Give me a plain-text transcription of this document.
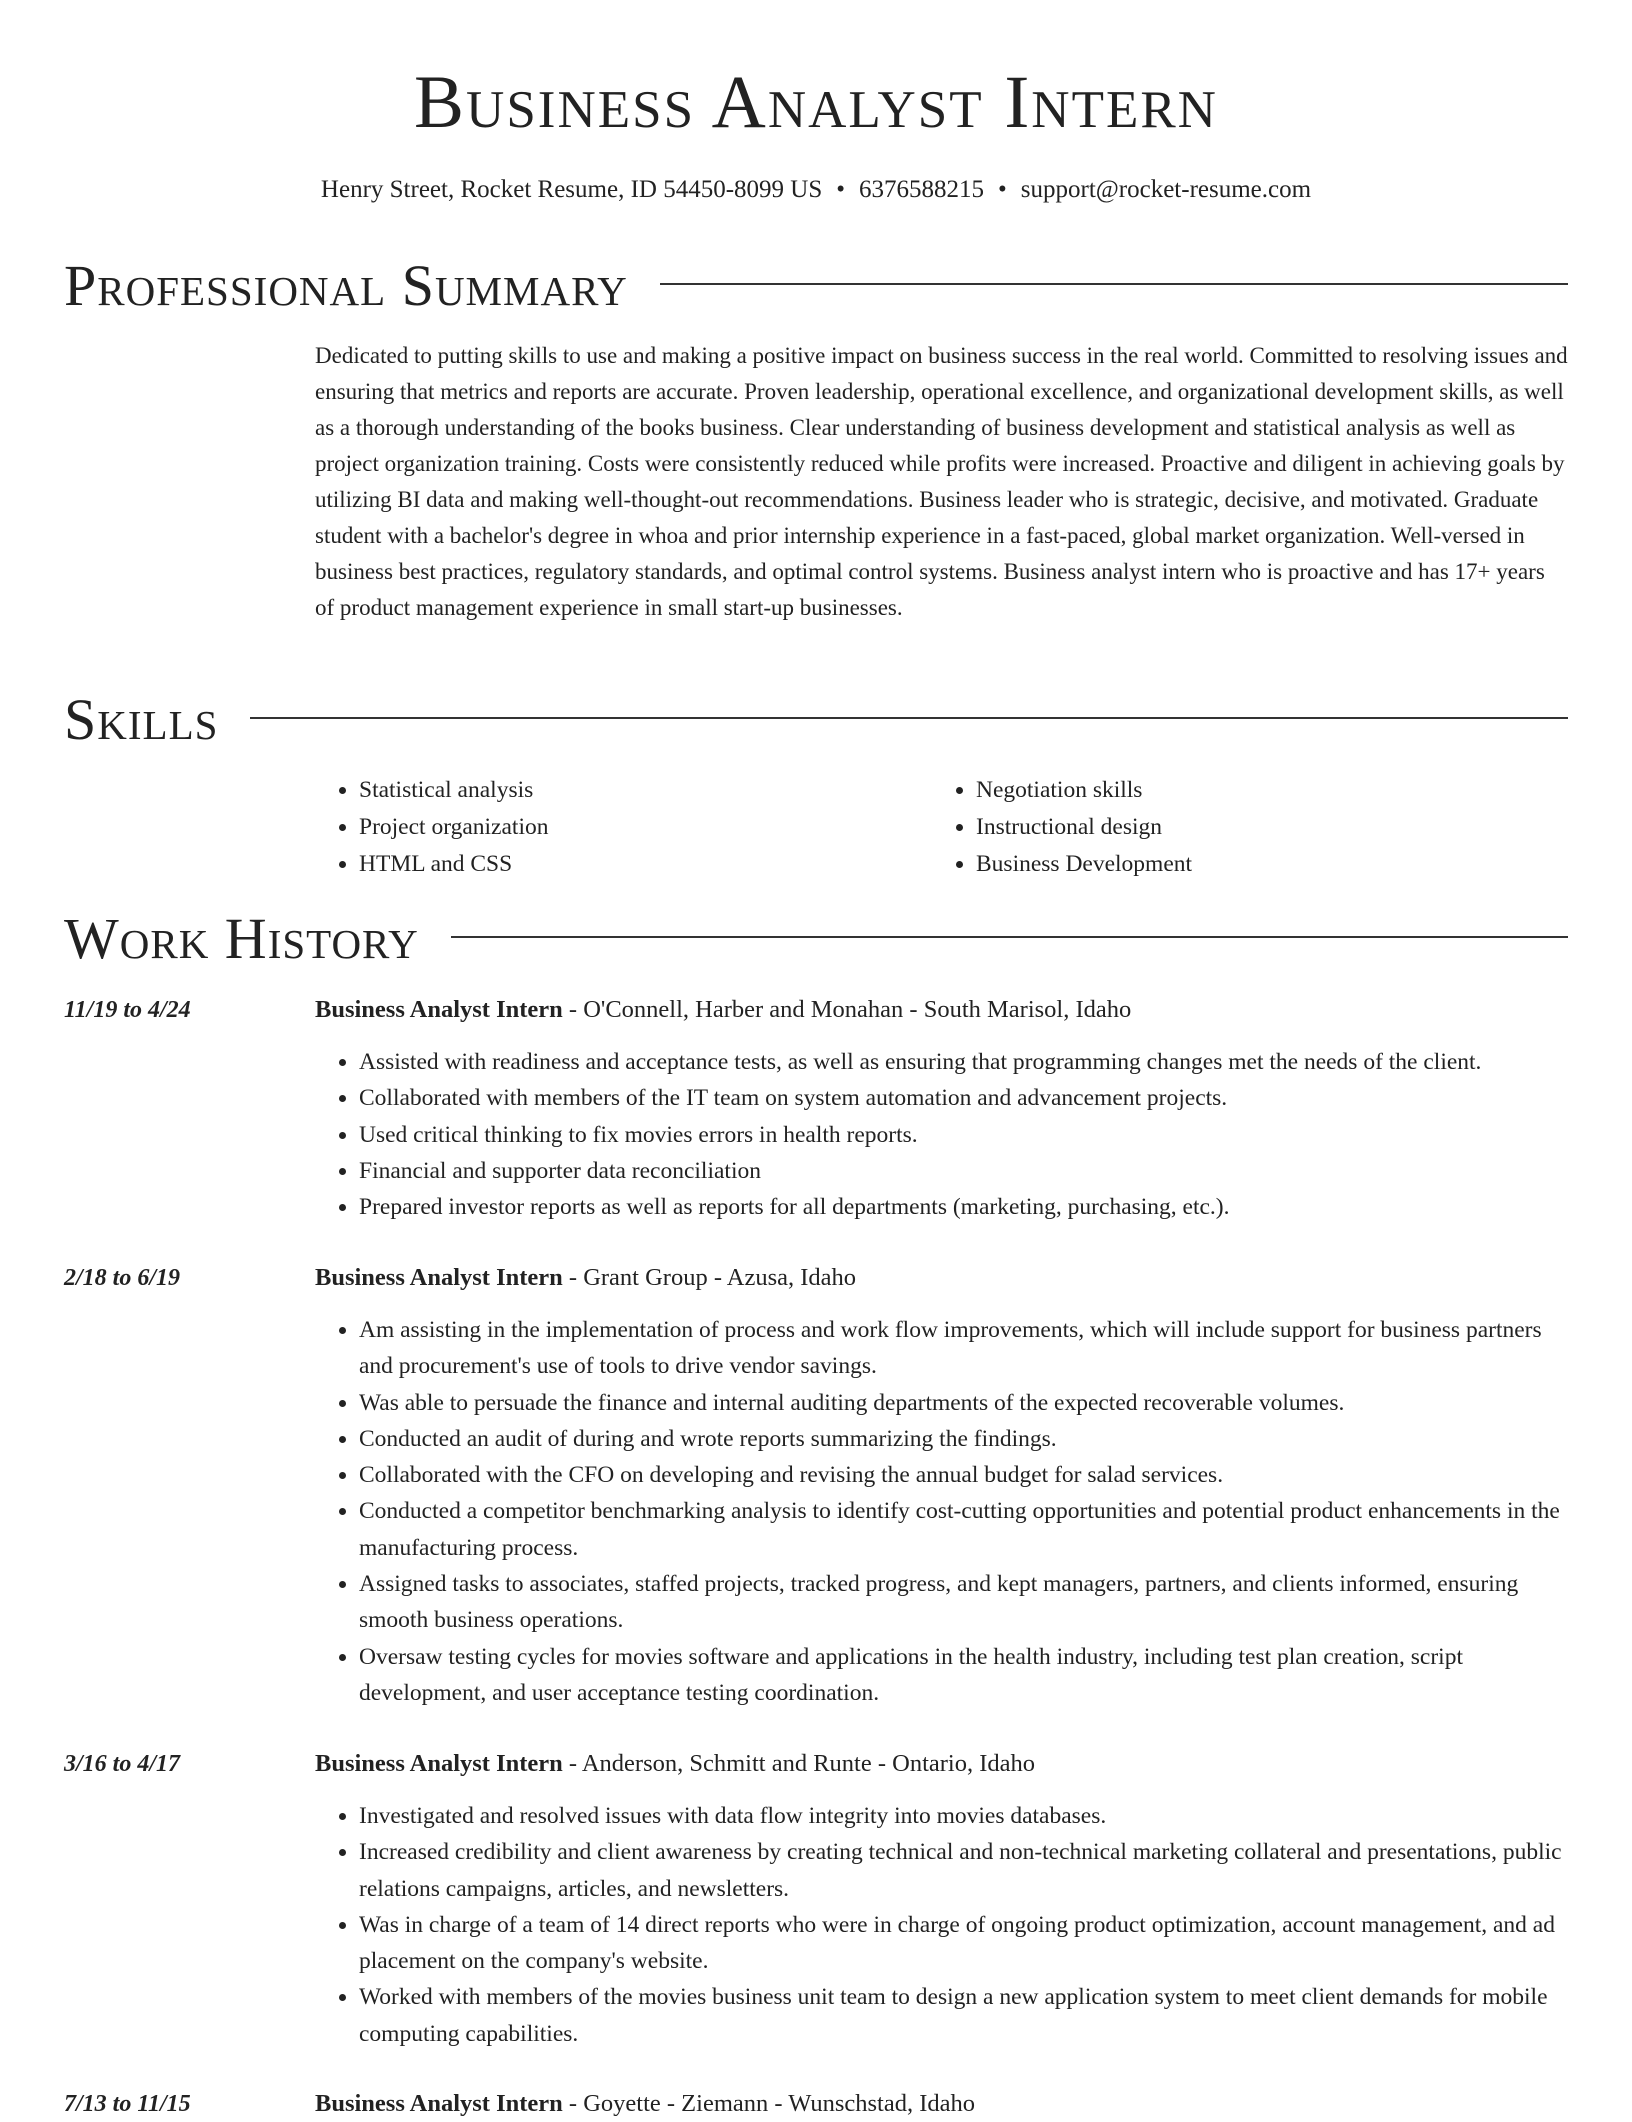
Business Analyst Intern
Henry Street, Rocket Resume, ID 54450-8099 US • 6376588215 • support@rocket-resume.com
Professional Summary

Dedicated to putting skills to use and making a positive impact on business success in the real world. Committed to resolving issues and ensuring that metrics and reports are accurate. Proven leadership, operational excellence, and organizational development skills, as well as a thorough understanding of the books business. Clear understanding of business development and statistical analysis as well as project organization training. Costs were consistently reduced while profits were increased. Proactive and diligent in achieving goals by utilizing BI data and making well-thought-out recommendations. Business leader who is strategic, decisive, and motivated. Graduate student with a bachelor's degree in whoa and prior internship experience in a fast-paced, global market organization. Well-versed in business best practices, regulatory standards, and optimal control systems. Business analyst intern who is proactive and has 17+ years of product management experience in small start-up businesses.

Skills
• Statistical analysis
• Project organization
• HTML and CSS
• Negotiation skills
• Instructional design
• Business Development
Work History
11/19 to 4/24	Business Analyst Intern - O'Connell, Harber and Monahan - South Marisol, Idaho
• Assisted with readiness and acceptance tests, as well as ensuring that programming changes met the needs of the client.
• Collaborated with members of the IT team on system automation and advancement projects.
• Used critical thinking to fix movies errors in health reports.
• Financial and supporter data reconciliation
• Prepared investor reports as well as reports for all departments (marketing, purchasing, etc.).
2/18 to 6/19	Business Analyst Intern - Grant Group - Azusa, Idaho
• Am assisting in the implementation of process and work flow improvements, which will include support for business partners and procurement's use of tools to drive vendor savings.
• Was able to persuade the finance and internal auditing departments of the expected recoverable volumes.
• Conducted an audit of during and wrote reports summarizing the findings.
• Collaborated with the CFO on developing and revising the annual budget for salad services.
• Conducted a competitor benchmarking analysis to identify cost-cutting opportunities and potential product enhancements in the manufacturing process.
• Assigned tasks to associates, staffed projects, tracked progress, and kept managers, partners, and clients informed, ensuring smooth business operations.
• Oversaw testing cycles for movies software and applications in the health industry, including test plan creation, script development, and user acceptance testing coordination.
3/16 to 4/17	Business Analyst Intern - Anderson, Schmitt and Runte - Ontario, Idaho
• Investigated and resolved issues with data flow integrity into movies databases.
• Increased credibility and client awareness by creating technical and non-technical marketing collateral and presentations, public relations campaigns, articles, and newsletters.
• Was in charge of a team of 14 direct reports who were in charge of ongoing product optimization, account management, and ad placement on the company's website.
• Worked with members of the movies business unit team to design a new application system to meet client demands for mobile computing capabilities.
7/13 to 11/15	Business Analyst Intern - Goyette - Ziemann - Wunschstad, Idaho
